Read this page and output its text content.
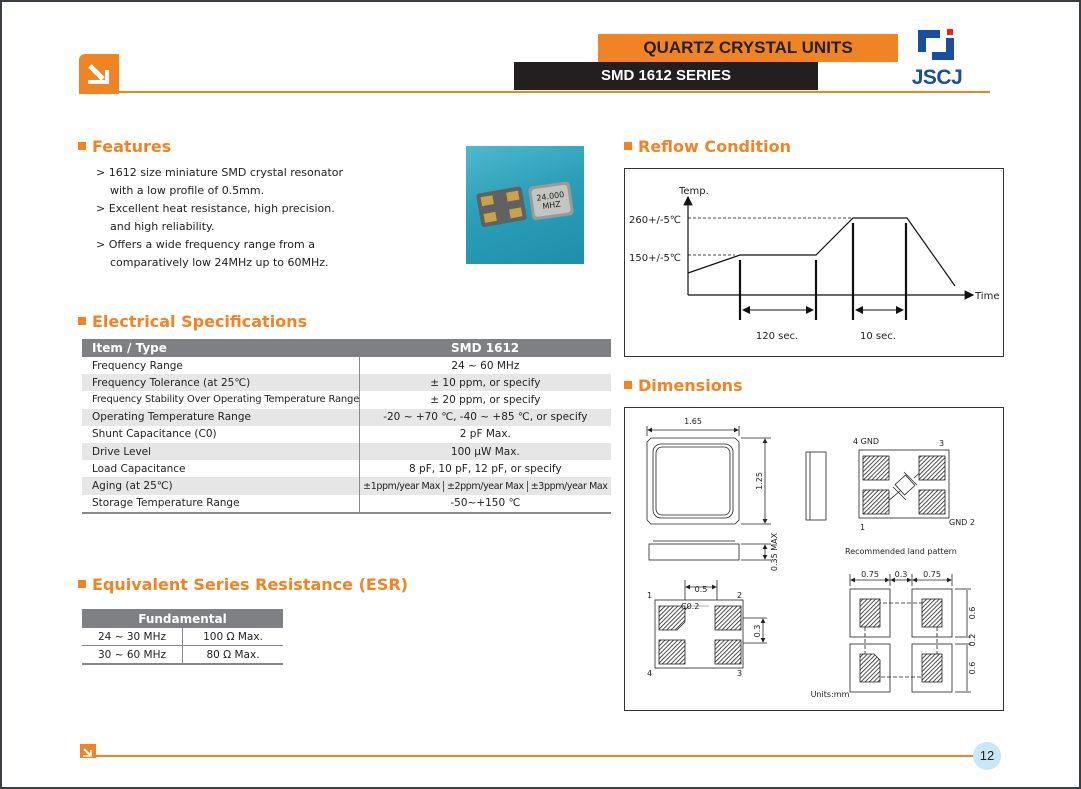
QUARTZ CRYSTAL UNITS
SMD 1612 SERIES	JSCJ
Features
> 1612 size miniature SMD crystal resonator with a low profile of 0.5mm.
> Excellent heat resistance, high precision. and high reliability.
> Offers a wide frequency range from a comparatively low 24MHz up to 60MHz.
24.000
MHZ
Electrical Specifications
Item / Type	SMD 1612
Frequency Range	24 ~ 60 MHz
Frequency Tolerance (at 25℃)	± 10 ppm, or specify
Frequency Stability Over Operating Temperature Range	± 20 ppm, or specify
Operating Temperature Range	-20 ~ +70 ℃, -40 ~ +85 ℃, or specify
Shunt Capacitance (C0)	2 pF Max.
Drive Level	100 μW Max.
Load Capacitance	8 pF, 10 pF, 12 pF, or specify
Aging (at 25℃)	±1ppm/year Max ±2ppm/year Max ±3ppm/year Max
Storage Temperature Range	-50~+150 ℃
Equivalent Series Resistance (ESR)
Fundamental	
24 ~ 30 MHz	100 Ω Max.
30 ~ 60 MHz	80 Ω Max.
Reflow Condition
Temp.
Time
260+/-5℃
150+/-5℃
120 sec.	10 sec.
Dimensions
1.65
1.25
0.35 MAX
4 GND	3
1
GND 2
Recommended land pattern
0.5
0.3
C0.2
1	2
3
4
0.75 0.3 0.75
0.6
0.2
0.6
Units:mm
12
